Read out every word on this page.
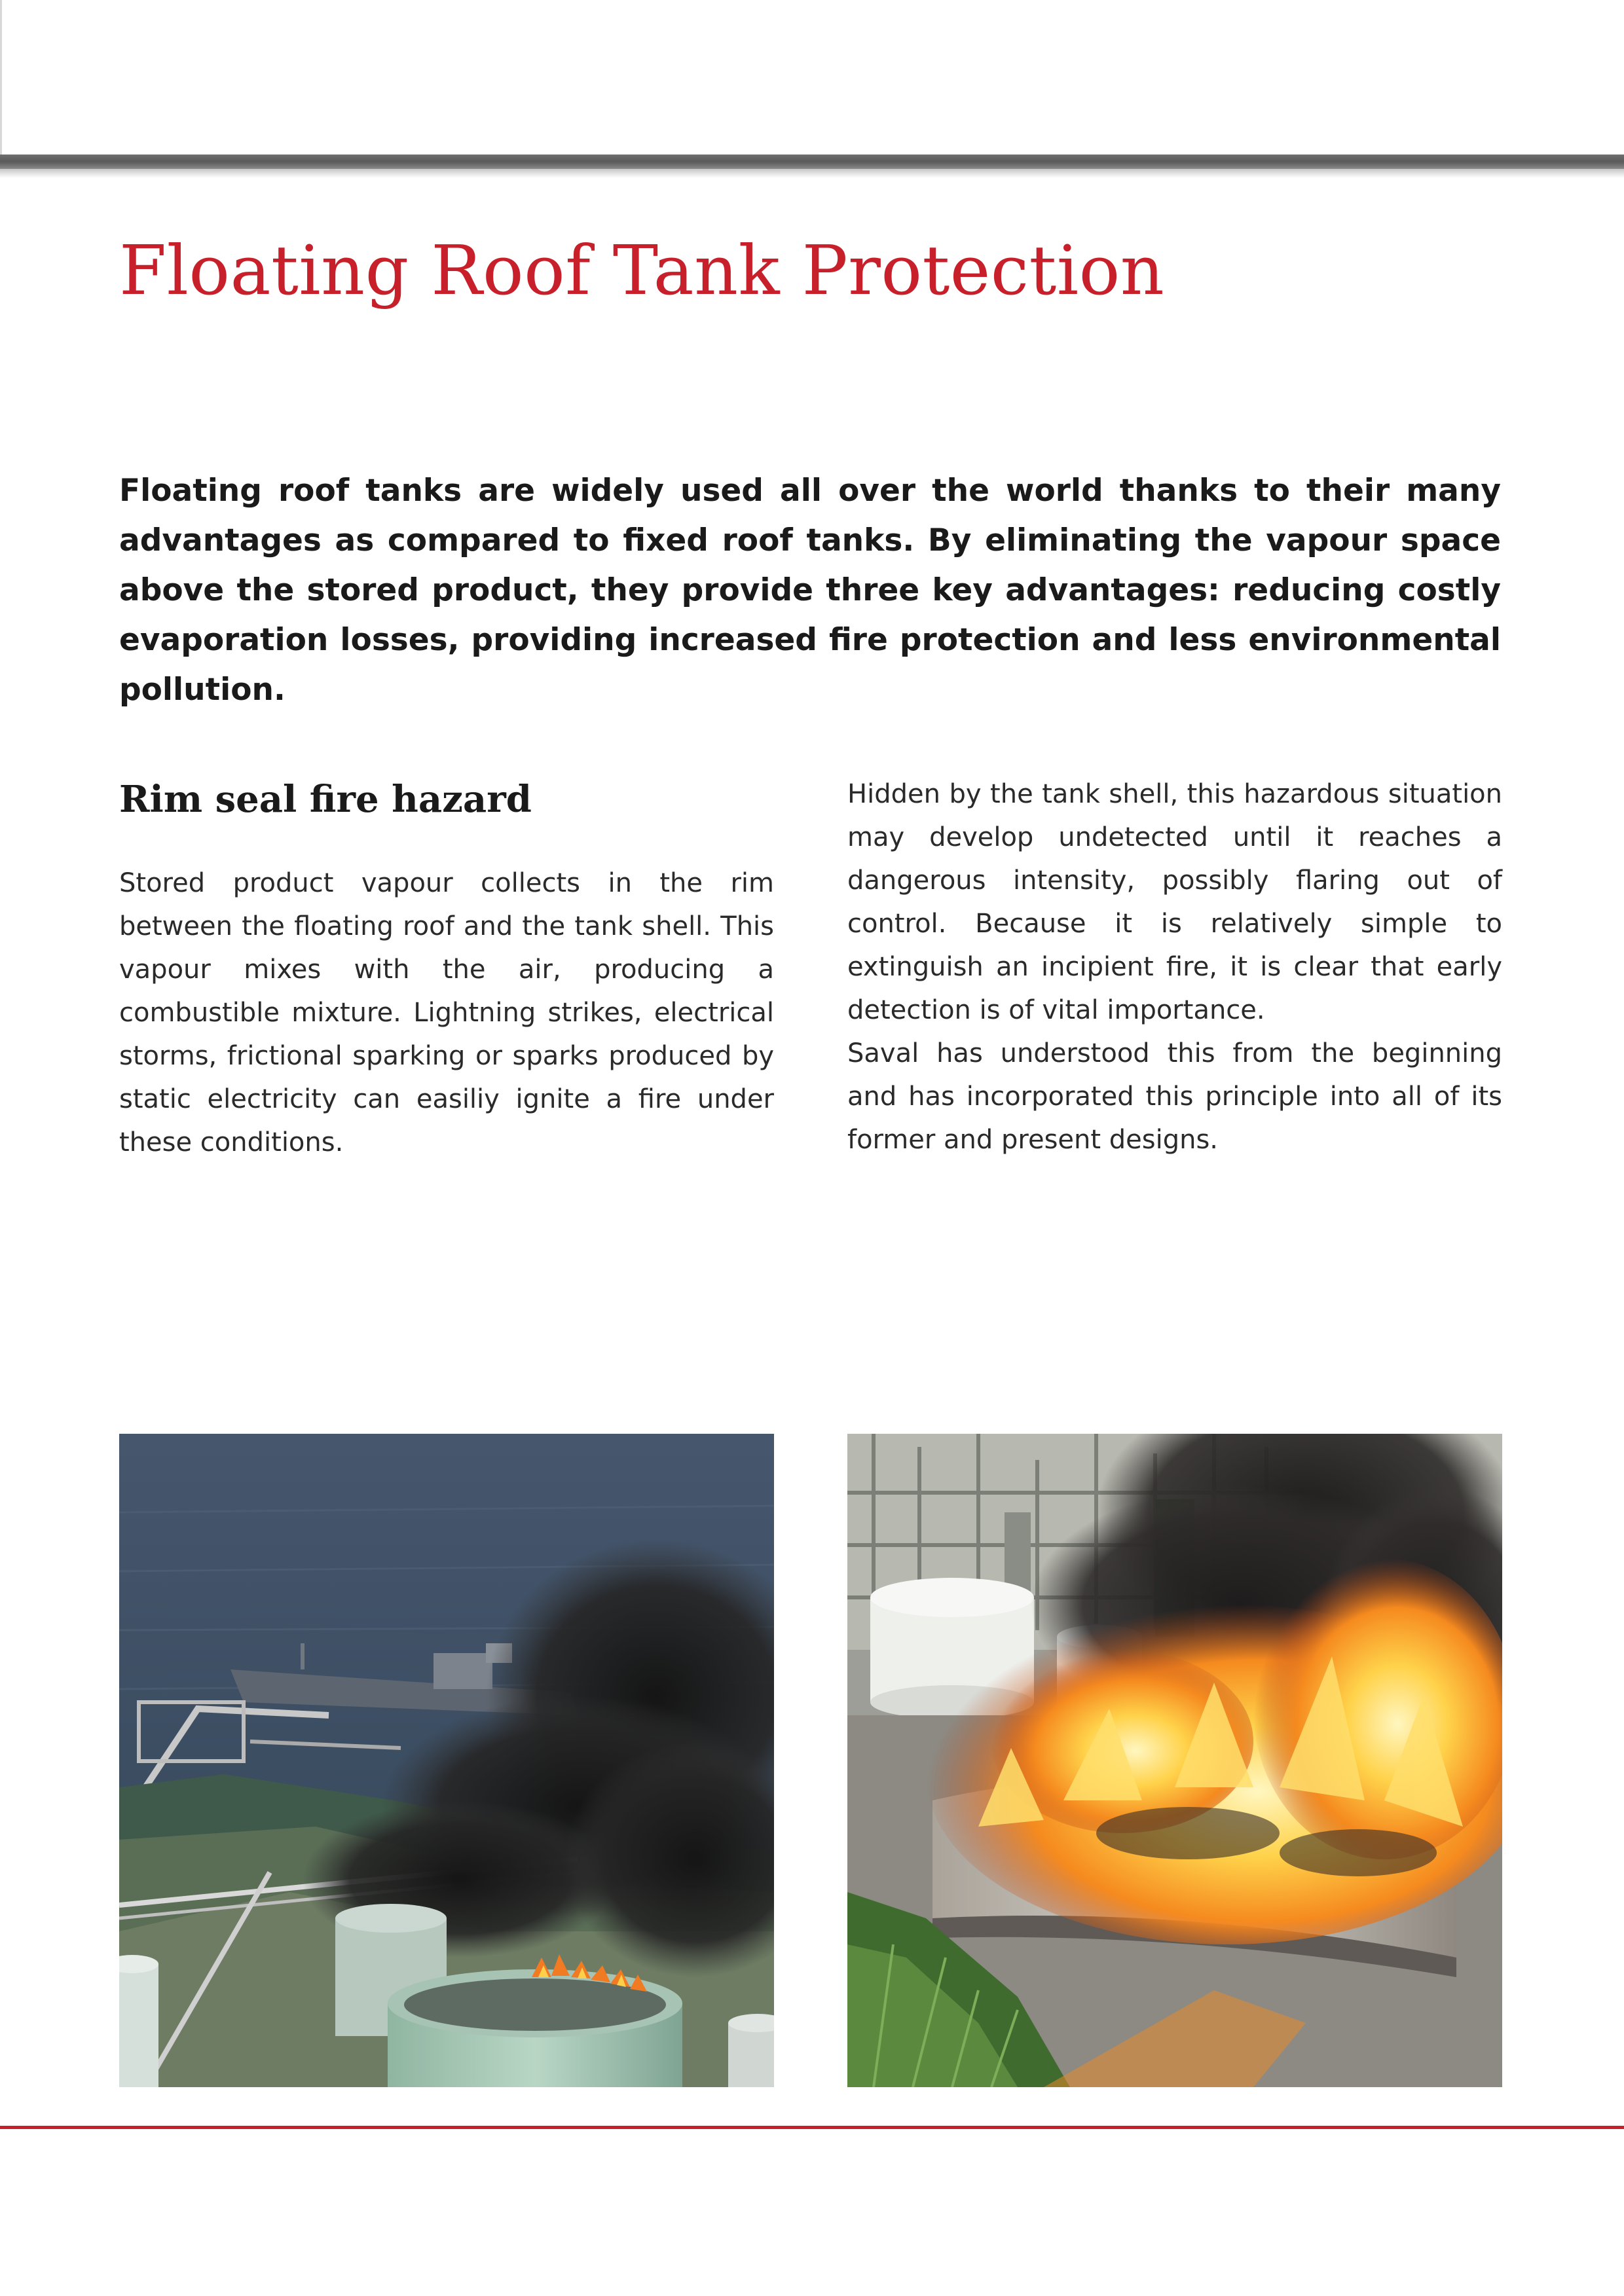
Floating Roof Tank Protection

Floating roof tanks are widely used all over the world thanks to their many advantages as compared to fixed roof tanks. By eliminating the vapour space above the stored product, they provide three key advantages: reducing costly evaporation losses, providing increased fire protection and less environmental pollution.

Rim seal fire hazard

Stored product vapour collects in the rim between the floating roof and the tank shell. This vapour mixes with the air, producing a combustible mixture. Lightning strikes, electrical storms, frictional sparking or sparks produced by static electricity can easiliy ignite a fire under these conditions.

Hidden by the tank shell, this hazardous situation may develop undetected until it reaches a dangerous intensity, possibly flaring out of control. Because it is relatively simple to extinguish an incipient fire, it is clear that early detection is of vital importance.

Saval has understood this from the beginning and has incorporated this principle into all of its former and present designs.
